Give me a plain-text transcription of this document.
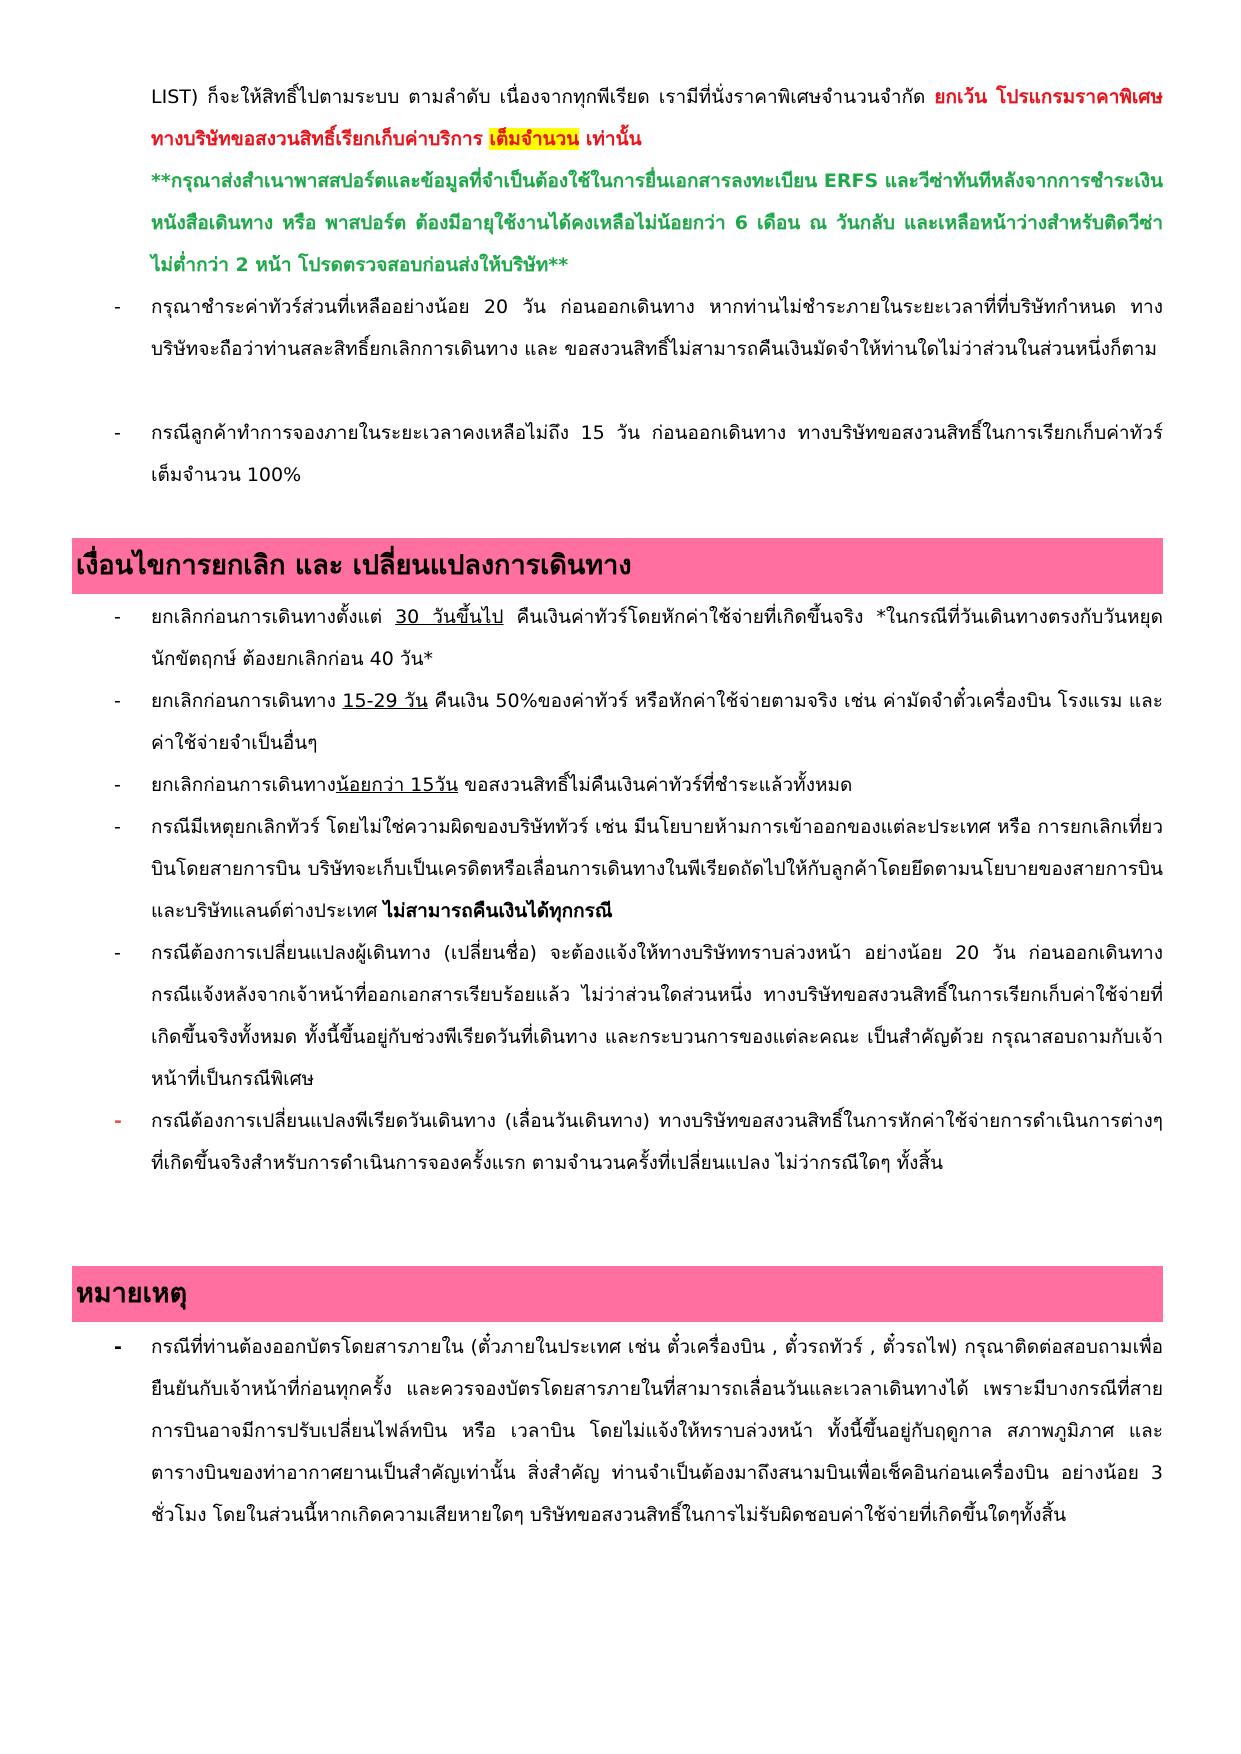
LIST) ก็จะให้สิทธิ์ไปตามระบบ ตามลำดับ เนื่องจากทุกพีเรียด เรามีที่นั่งราคาพิเศษจำนวนจำกัด ยกเว้น โปรแกรมราคาพิเศษ ทางบริษัทขอสงวนสิทธิ์เรียกเก็บค่าบริการ เต็มจำนวน เท่านั้น
**กรุณาส่งสำเนาพาสสปอร์ตและข้อมูลที่จำเป็นต้องใช้ในการยื่นเอกสารลงทะเบียน ERFS และวีซ่าทันทีหลังจากการชำระเงิน หนังสือเดินทาง หรือ พาสปอร์ต ต้องมีอายุใช้งานได้คงเหลือไม่น้อยกว่า 6 เดือน ณ วันกลับ และเหลือหน้าว่างสำหรับติดวีซ่าไม่ต่ำกว่า 2 หน้า โปรดตรวจสอบก่อนส่งให้บริษัท**
- กรุณาชำระค่าทัวร์ส่วนที่เหลืออย่างน้อย 20 วัน ก่อนออกเดินทาง หากท่านไม่ชำระภายในระยะเวลาที่ที่บริษัทกำหนด ทางบริษัทจะถือว่าท่านสละสิทธิ์ยกเลิกการเดินทาง และ ขอสงวนสิทธิ์ไม่สามารถคืนเงินมัดจำให้ท่านใดไม่ว่าส่วนในส่วนหนึ่งก็ตาม
- กรณีลูกค้าทำการจองภายในระยะเวลาคงเหลือไม่ถึง 15 วัน ก่อนออกเดินทาง ทางบริษัทขอสงวนสิทธิ์ในการเรียกเก็บค่าทัวร์เต็มจำนวน 100%
เงื่อนไขการยกเลิก และ เปลี่ยนแปลงการเดินทาง
- ยกเลิกก่อนการเดินทางตั้งแต่ 30 วันขึ้นไป คืนเงินค่าทัวร์โดยหักค่าใช้จ่ายที่เกิดขึ้นจริง *ในกรณีที่วันเดินทางตรงกับวันหยุดนักขัตฤกษ์ ต้องยกเลิกก่อน 40 วัน*
- ยกเลิกก่อนการเดินทาง 15-29 วัน คืนเงิน 50%ของค่าทัวร์ หรือหักค่าใช้จ่ายตามจริง เช่น ค่ามัดจำตั๋วเครื่องบิน โรงแรม และค่าใช้จ่ายจำเป็นอื่นๆ
- ยกเลิกก่อนการเดินทางน้อยกว่า 15วัน ขอสงวนสิทธิ์ไม่คืนเงินค่าทัวร์ที่ชำระแล้วทั้งหมด
- กรณีมีเหตุยกเลิกทัวร์ โดยไม่ใช่ความผิดของบริษัททัวร์ เช่น มีนโยบายห้ามการเข้าออกของแต่ละประเทศ หรือ การยกเลิกเที่ยวบินโดยสายการบิน บริษัทจะเก็บเป็นเครดิตหรือเลื่อนการเดินทางในพีเรียดถัดไปให้กับลูกค้าโดยยึดตามนโยบายของสายการบินและบริษัทแลนด์ต่างประเทศ ไม่สามารถคืนเงินได้ทุกกรณี
- กรณีต้องการเปลี่ยนแปลงผู้เดินทาง (เปลี่ยนชื่อ) จะต้องแจ้งให้ทางบริษัททราบล่วงหน้า อย่างน้อย 20 วัน ก่อนออกเดินทาง กรณีแจ้งหลังจากเจ้าหน้าที่ออกเอกสารเรียบร้อยแล้ว ไม่ว่าส่วนใดส่วนหนึ่ง ทางบริษัทขอสงวนสิทธิ์ในการเรียกเก็บค่าใช้จ่ายที่เกิดขึ้นจริงทั้งหมด ทั้งนี้ขึ้นอยู่กับช่วงพีเรียดวันที่เดินทาง และกระบวนการของแต่ละคณะ เป็นสำคัญด้วย กรุณาสอบถามกับเจ้าหน้าที่เป็นกรณีพิเศษ
- กรณีต้องการเปลี่ยนแปลงพีเรียดวันเดินทาง (เลื่อนวันเดินทาง) ทางบริษัทขอสงวนสิทธิ์ในการหักค่าใช้จ่ายการดำเนินการต่างๆ ที่เกิดขึ้นจริงสำหรับการดำเนินการจองครั้งแรก ตามจำนวนครั้งที่เปลี่ยนแปลง ไม่ว่ากรณีใดๆ ทั้งสิ้น
หมายเหตุ
- กรณีที่ท่านต้องออกบัตรโดยสารภายใน (ตั๋วภายในประเทศ เช่น ตั๋วเครื่องบิน , ตั๋วรถทัวร์ , ตั๋วรถไฟ) กรุณาติดต่อสอบถามเพื่อยืนยันกับเจ้าหน้าที่ก่อนทุกครั้ง และควรจองบัตรโดยสารภายในที่สามารถเลื่อนวันและเวลาเดินทางได้ เพราะมีบางกรณีที่สายการบินอาจมีการปรับเปลี่ยนไฟล์ทบิน หรือ เวลาบิน โดยไม่แจ้งให้ทราบล่วงหน้า ทั้งนี้ขึ้นอยู่กับฤดูกาล สภาพภูมิภาศ และ ตารางบินของท่าอากาศยานเป็นสำคัญเท่านั้น สิ่งสำคัญ ท่านจำเป็นต้องมาถึงสนามบินเพื่อเช็คอินก่อนเครื่องบิน อย่างน้อย 3 ชั่วโมง โดยในส่วนนี้หากเกิดความเสียหายใดๆ บริษัทขอสงวนสิทธิ์ในการไม่รับผิดชอบค่าใช้จ่ายที่เกิดขึ้นใดๆทั้งสิ้น
